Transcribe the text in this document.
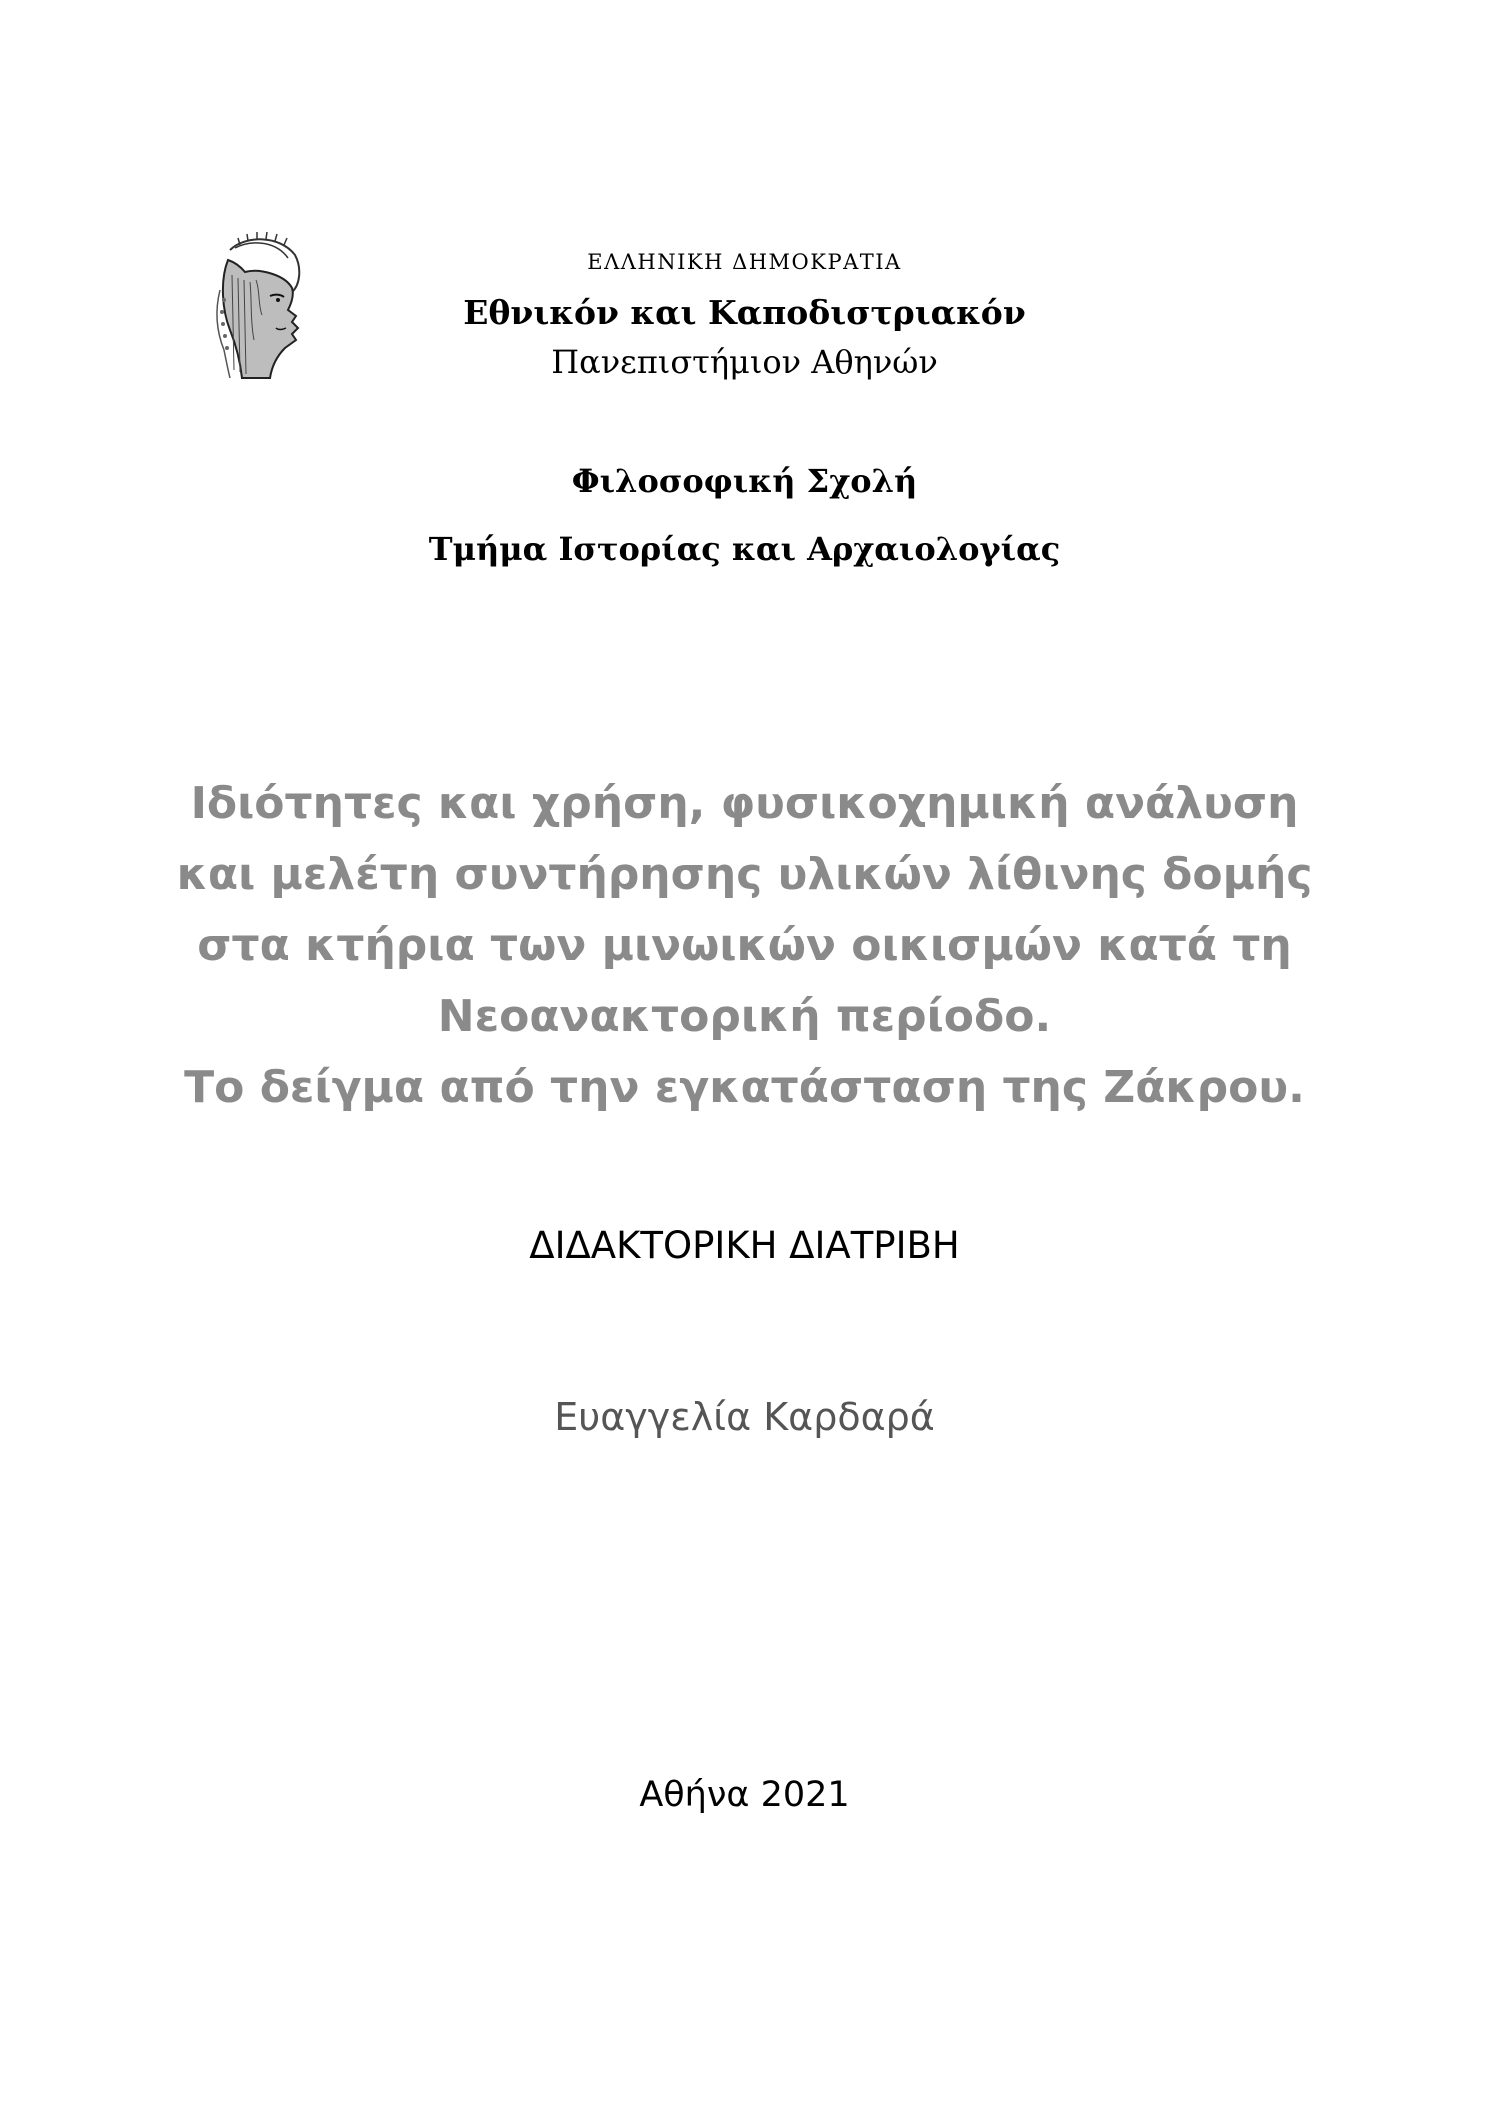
ΕΛΛΗΝΙΚΗ ΔΗΜΟΚΡΑΤΙΑ
Εθνικόν και Καποδιστριακόν
Πανεπιστήμιον Αθηνών
Φιλοσοφική Σχολή
Τμήμα Ιστορίας και Αρχαιολογίας
Ιδιότητες και χρήση, φυσικοχημική ανάλυση
και μελέτη συντήρησης υλικών λίθινης δομής
στα κτήρια των μινωικών οικισμών κατά τη
Νεοανακτορική περίοδο.
Το δείγμα από την εγκατάσταση της Ζάκρου.
ΔΙΔΑΚΤΟΡΙΚΗ ΔΙΑΤΡΙΒΗ
Ευαγγελία Καρδαρά
Αθήνα 2021
